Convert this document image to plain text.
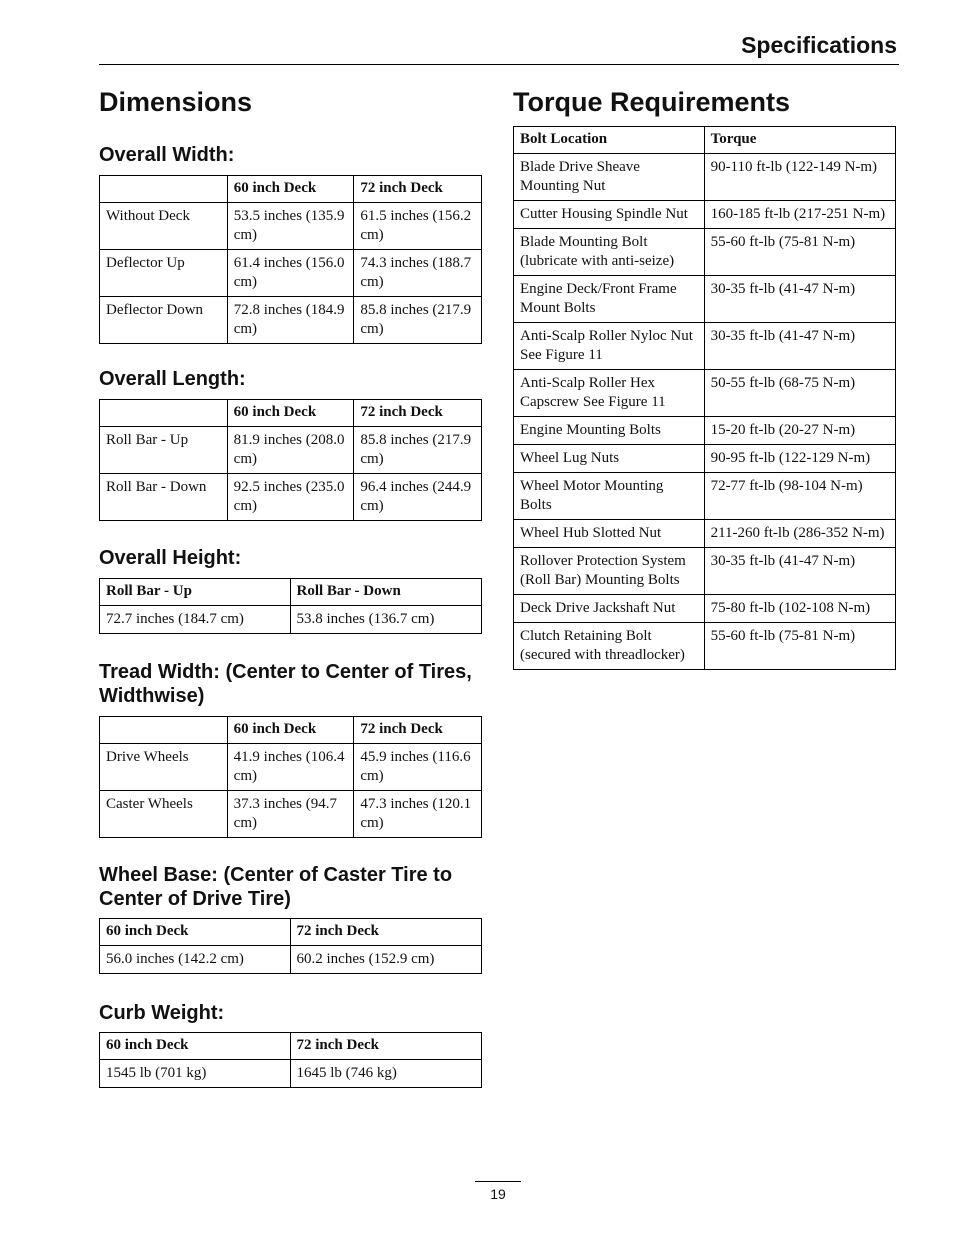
Specifications
Dimensions
Overall Width:
	60 inch Deck	72 inch Deck
Without Deck	53.5 inches (135.9 cm)	61.5 inches (156.2 cm)
Deflector Up	61.4 inches (156.0 cm)	74.3 inches (188.7 cm)
Deflector Down	72.8 inches (184.9 cm)	85.8 inches (217.9 cm)
Overall Length:
	60 inch Deck	72 inch Deck
Roll Bar - Up	81.9 inches (208.0 cm)	85.8 inches (217.9 cm)
Roll Bar - Down	92.5 inches (235.0 cm)	96.4 inches (244.9 cm)
Overall Height:
Roll Bar - Up	Roll Bar - Down
72.7 inches (184.7 cm)	53.8 inches (136.7 cm)
Tread Width: (Center to Center of Tires, Widthwise)
	60 inch Deck	72 inch Deck
Drive Wheels	41.9 inches (106.4 cm)	45.9 inches (116.6 cm)
Caster Wheels	37.3 inches (94.7 cm)	47.3 inches (120.1 cm)
Wheel Base: (Center of Caster Tire to Center of Drive Tire)
60 inch Deck	72 inch Deck
56.0 inches (142.2 cm)	60.2 inches (152.9 cm)
Curb Weight:
60 inch Deck	72 inch Deck
1545 lb (701 kg)	1645 lb (746 kg)
Torque Requirements
Bolt Location	Torque
Blade Drive Sheave Mounting Nut	90-110 ft-lb (122-149 N-m)
Cutter Housing Spindle Nut	160-185 ft-lb (217-251 N-m)
Blade Mounting Bolt (lubricate with anti-seize)	55-60 ft-lb (75-81 N-m)
Engine Deck/Front Frame Mount Bolts	30-35 ft-lb (41-47 N-m)
Anti-Scalp Roller Nyloc Nut See Figure 11	30-35 ft-lb (41-47 N-m)
Anti-Scalp Roller Hex Capscrew See Figure 11	50-55 ft-lb (68-75 N-m)
Engine Mounting Bolts	15-20 ft-lb (20-27 N-m)
Wheel Lug Nuts	90-95 ft-lb (122-129 N-m)
Wheel Motor Mounting Bolts	72-77 ft-lb (98-104 N-m)
Wheel Hub Slotted Nut	211-260 ft-lb (286-352 N-m)
Rollover Protection System (Roll Bar) Mounting Bolts	30-35 ft-lb (41-47 N-m)
Deck Drive Jackshaft Nut	75-80 ft-lb (102-108 N-m)
Clutch Retaining Bolt (secured with threadlocker)	55-60 ft-lb (75-81 N-m)
19
